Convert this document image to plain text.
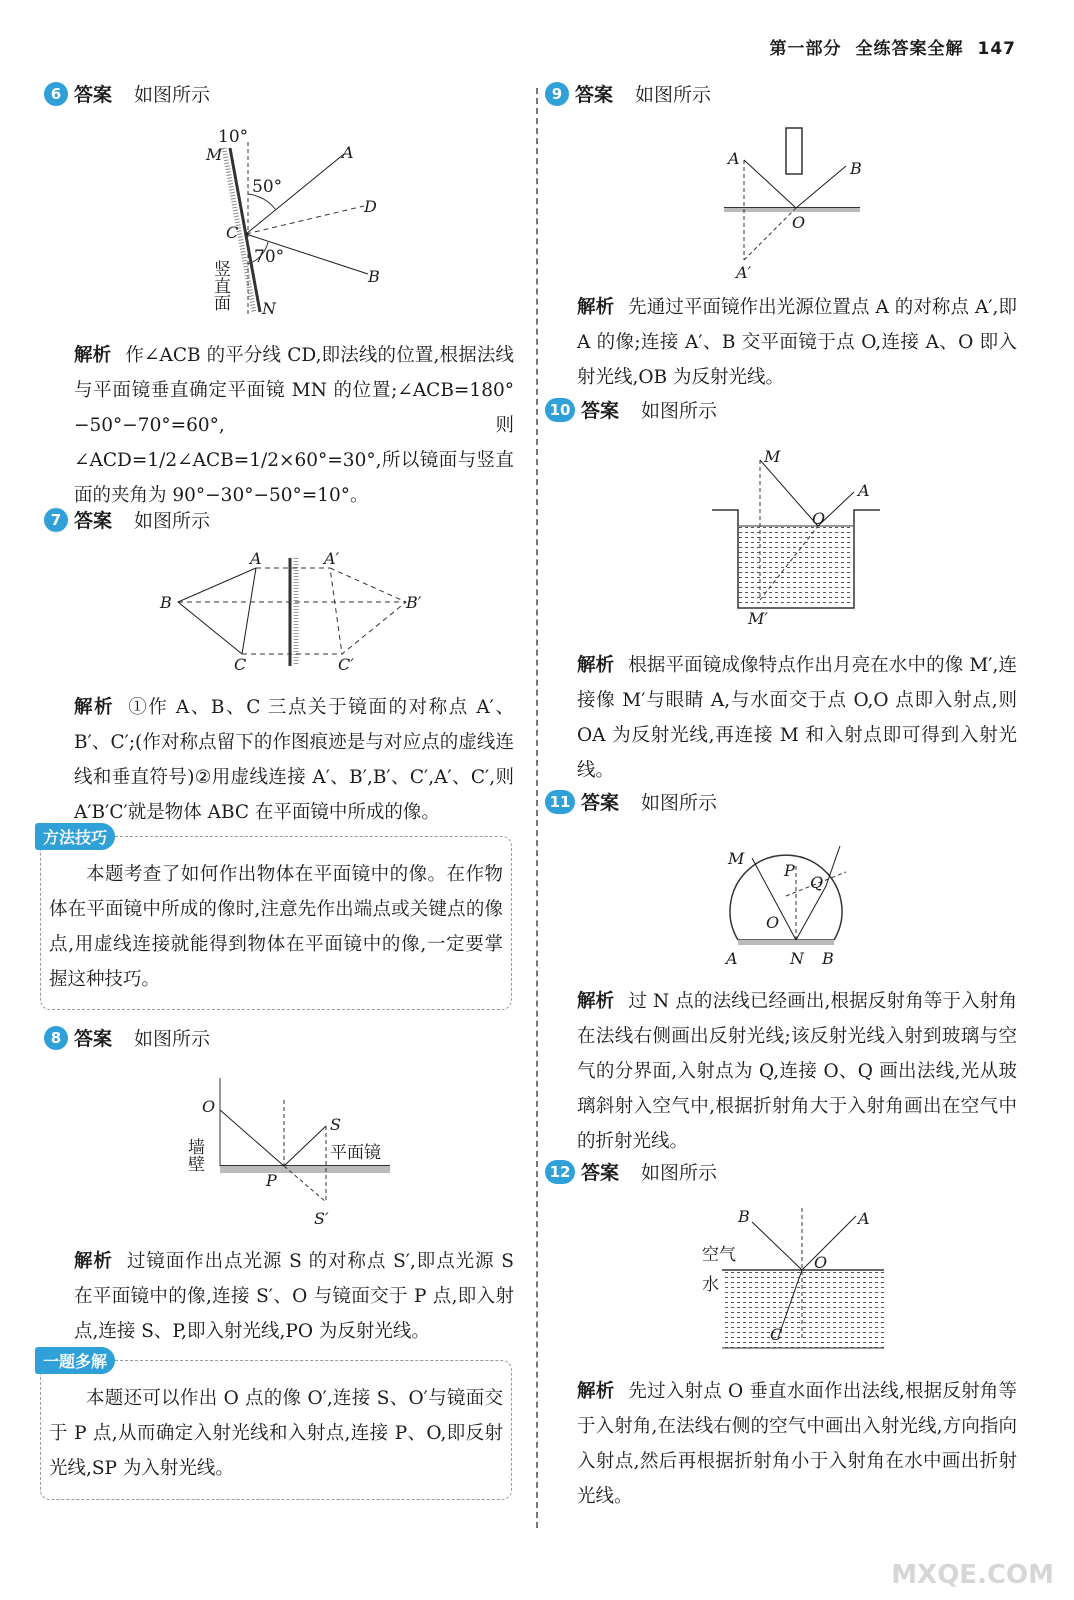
第一部分 全练答案全解 147
6 答案 如图所示
10°
M	A
50°
D
C
70°
B
N
竖直面
解析 作∠ACB 的平分线 CD,即法线的位置,根据法线与平面镜垂直确定平面镜 MN 的位置;∠ACB=180°−50°−70°=60°,则∠ACD=1/2∠ACB=1/2×60°=30°,所以镜面与竖直面的夹角为 90°−30°−50°=10°。
7 答案 如图所示
A	A′
B	B′
C	C′
解析 ①作 A、B、C 三点关于镜面的对称点 A′、B′、C′;(作对称点留下的作图痕迹是与对应点的虚线连线和垂直符号)②用虚线连接 A′、B′,B′、C′,A′、C′,则 A′B′C′就是物体 ABC 在平面镜中所成的像。
方法技巧
本题考查了如何作出物体在平面镜中的像。在作物体在平面镜中所成的像时,注意先作出端点或关键点的像点,用虚线连接就能得到物体在平面镜中的像,一定要掌握这种技巧。
8 答案 如图所示
O
墙壁
S
平面镜
P
S′
解析 过镜面作出点光源 S 的对称点 S′,即点光源 S 在平面镜中的像,连接 S′、O 与镜面交于 P 点,即入射点,连接 S、P,即入射光线,PO 为反射光线。
一题多解
本题还可以作出 O 点的像 O′,连接 S、O′与镜面交于 P 点,从而确定入射光线和入射点,连接 P、O,即反射光线,SP 为入射光线。
9 答案 如图所示
A
B
O
A′
解析 先通过平面镜作出光源位置点 A 的对称点 A′,即 A 的像;连接 A′、B 交平面镜于点 O,连接 A、O 即入射光线,OB 为反射光线。
10 答案 如图所示
M
A
O
M′
解析 根据平面镜成像特点作出月亮在水中的像 M′,连接像 M′与眼睛 A,与水面交于点 O,O 点即入射点,则 OA 为反射光线,再连接 M 和入射点即可得到入射光线。
11 答案 如图所示
M
P
Q
O
A	N B
解析 过 N 点的法线已经画出,根据反射角等于入射角在法线右侧画出反射光线;该反射光线入射到玻璃与空气的分界面,入射点为 Q,连接 O、Q 画出法线,光从玻璃斜射入空气中,根据折射角大于入射角画出在空气中的折射光线。
12 答案 如图所示
B	A
空气
水
O
C
解析 先过入射点 O 垂直水面作出法线,根据反射角等于入射角,在法线右侧的空气中画出入射光线,方向指向入射点,然后再根据折射角小于入射角在水中画出折射光线。
MXQE.COM
